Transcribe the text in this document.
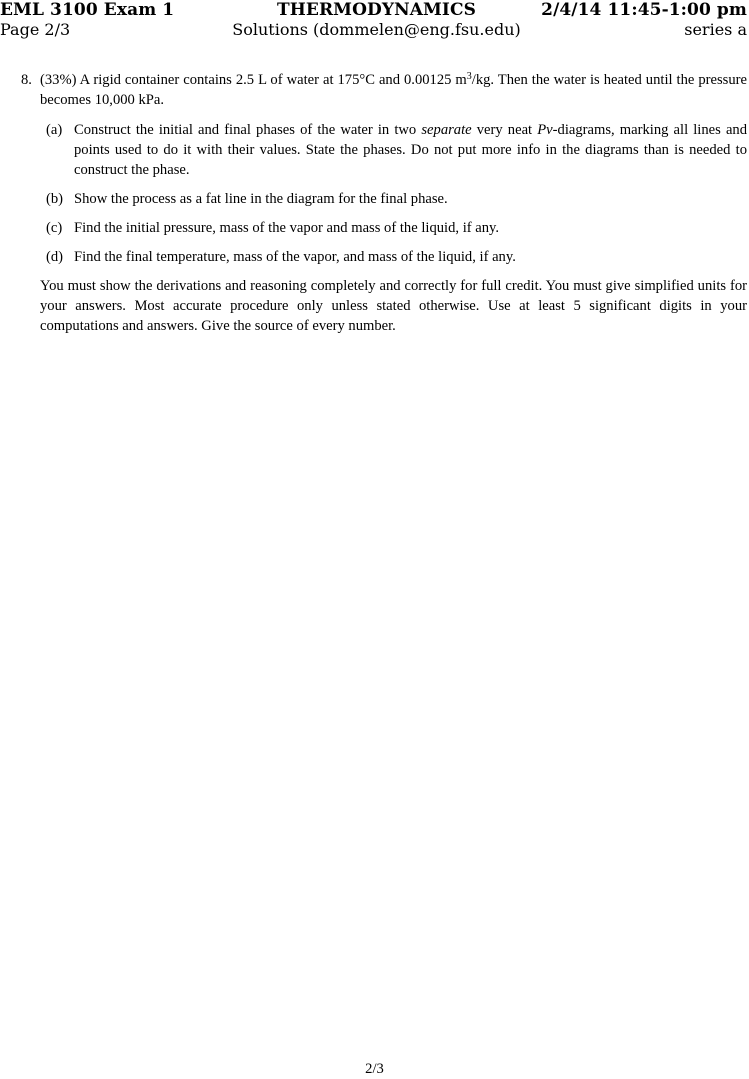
EML 3100 Exam 1	THERMODYNAMICS	2/4/14 11:45-1:00 pm
Page 2/3	Solutions (dommelen@eng.fsu.edu)	series a
8. (33%) A rigid container contains 2.5 L of water at 175°C and 0.00125 $m^3/kg$. Then the water is heated until the pressure becomes 10,000 kPa.

(a) Construct the initial and final phases of the water in two separate very neat Pv-diagrams, marking all lines and points used to do it with their values. State the phases. Do not put more info in the diagrams than is needed to construct the phase.

(b) Show the process as a fat line in the diagram for the final phase.

(c) Find the initial pressure, mass of the vapor and mass of the liquid, if any.

(d) Find the final temperature, mass of the vapor, and mass of the liquid, if any.

You must show the derivations and reasoning completely and correctly for full credit. You must give simplified units for your answers. Most accurate procedure only unless stated otherwise. Use at least 5 significant digits in your computations and answers. Give the source of every number.
2/3
